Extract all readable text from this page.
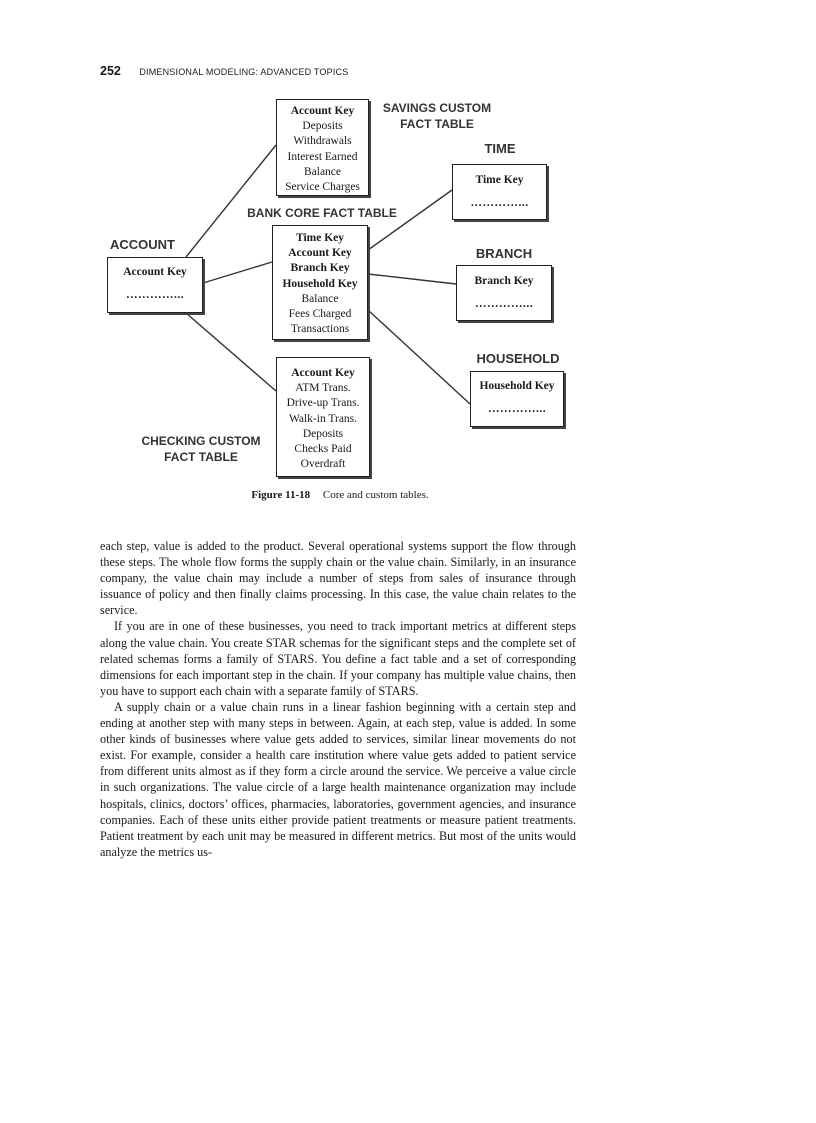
252 DIMENSIONAL MODELING: ADVANCED TOPICS
Account Key
Deposits
Withdrawals
Interest Earned
Balance
Service Charges
SAVINGS CUSTOM
FACT TABLE
BANK CORE FACT TABLE
Time Key
Account Key
Branch Key
Household Key
Balance
Fees Charged
Transactions
ACCOUNT
Account Key
…………...
TIME
Time Key
…………...
BRANCH
Branch Key
…………...
HOUSEHOLD
Household Key
…………...
Account Key
ATM Trans.
Drive-up Trans.
Walk-in Trans.
Deposits
Checks Paid
Overdraft
CHECKING CUSTOM
FACT TABLE
Figure 11-18 Core and custom tables.

each step, value is added to the product. Several operational systems support the flow through these steps. The whole flow forms the supply chain or the value chain. Similarly, in an insurance company, the value chain may include a number of steps from sales of insurance through issuance of policy and then finally claims processing. In this case, the value chain relates to the service.

If you are in one of these businesses, you need to track important metrics at different steps along the value chain. You create STAR schemas for the significant steps and the complete set of related schemas forms a family of STARS. You define a fact table and a set of corresponding dimensions for each important step in the chain. If your company has multiple value chains, then you have to support each chain with a separate family of STARS.

A supply chain or a value chain runs in a linear fashion beginning with a certain step and ending at another step with many steps in between. Again, at each step, value is added. In some other kinds of businesses where value gets added to services, similar linear movements do not exist. For example, consider a health care institution where value gets added to patient service from different units almost as if they form a circle around the service. We perceive a value circle in such organizations. The value circle of a large health maintenance organization may include hospitals, clinics, doctors’ offices, pharmacies, laboratories, government agencies, and insurance companies. Each of these units either provide patient treatments or measure patient treatments. Patient treatment by each unit may be measured in different metrics. But most of the units would analyze the metrics us-
